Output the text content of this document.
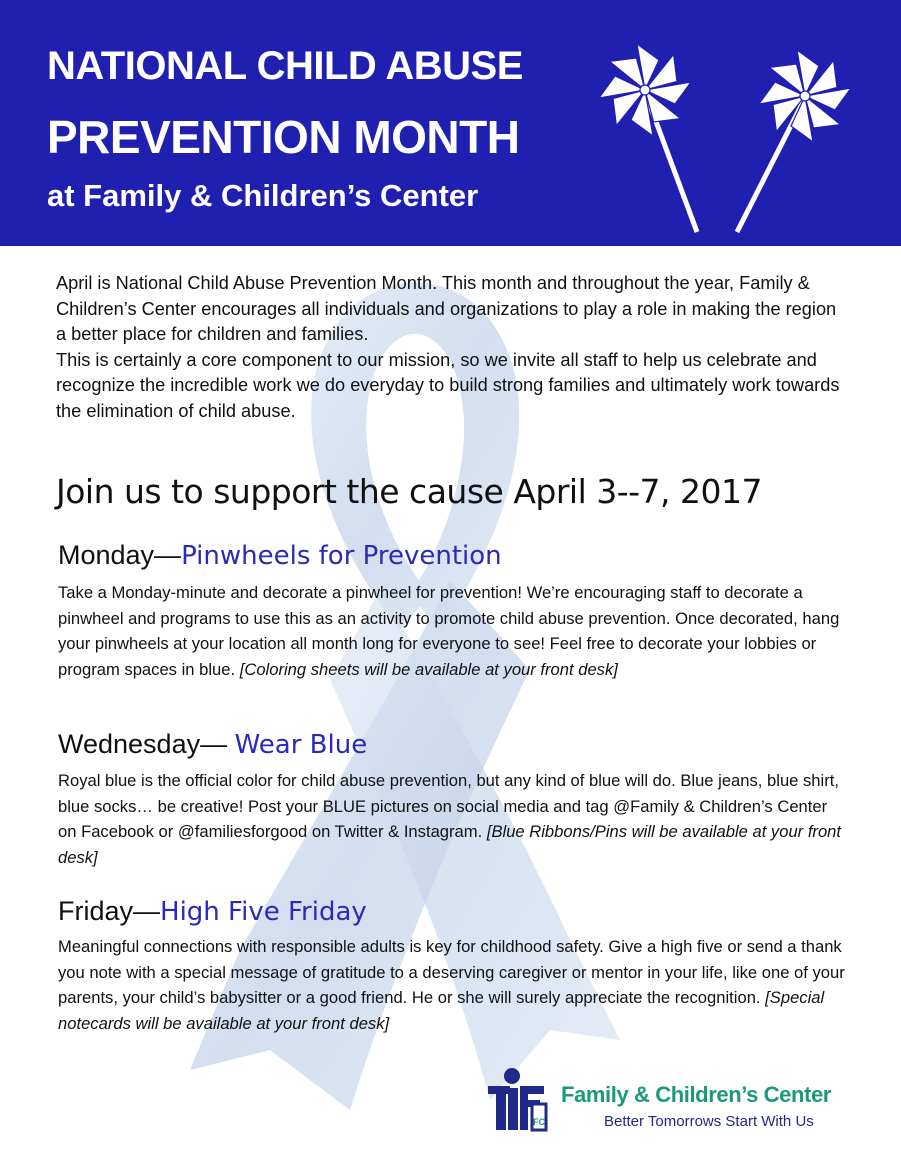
NATIONAL CHILD ABUSE
PREVENTION MONTH
at Family & Children’s Center

April is National Child Abuse Prevention Month. This month and throughout the year, Family & Children’s Center encourages all individuals and organizations to play a role in making the region a better place for children and families.

This is certainly a core component to our mission, so we invite all staff to help us celebrate and recognize the incredible work we do everyday to build strong families and ultimately work towards the elimination of child abuse.

Join us to support the cause April 3--7, 2017
Monday—Pinwheels for Prevention
Take a Monday-minute and decorate a pinwheel for prevention! We’re encouraging staff to decorate a pinwheel and programs to use this as an activity to promote child abuse prevention. Once decorated, hang your pinwheels at your location all month long for everyone to see! Feel free to decorate your lobbies or program spaces in blue. [Coloring sheets will be available at your front desk]
Wednesday— Wear Blue
Royal blue is the official color for child abuse prevention, but any kind of blue will do. Blue jeans, blue shirt, blue socks… be creative! Post your BLUE pictures on social media and tag @Family & Children’s Center on Facebook or @familiesforgood on Twitter & Instagram. [Blue Ribbons/Pins will be available at your front desk]
Friday—High Five Friday
Meaningful connections with responsible adults is key for childhood safety. Give a high five or send a thank you note with a special message of gratitude to a deserving caregiver or mentor in your life, like one of your parents, your child’s babysitter or a good friend. He or she will surely appreciate the recognition. [Special notecards will be available at your front desk]
FC
Family & Children’s Center
Better Tomorrows Start With Us
